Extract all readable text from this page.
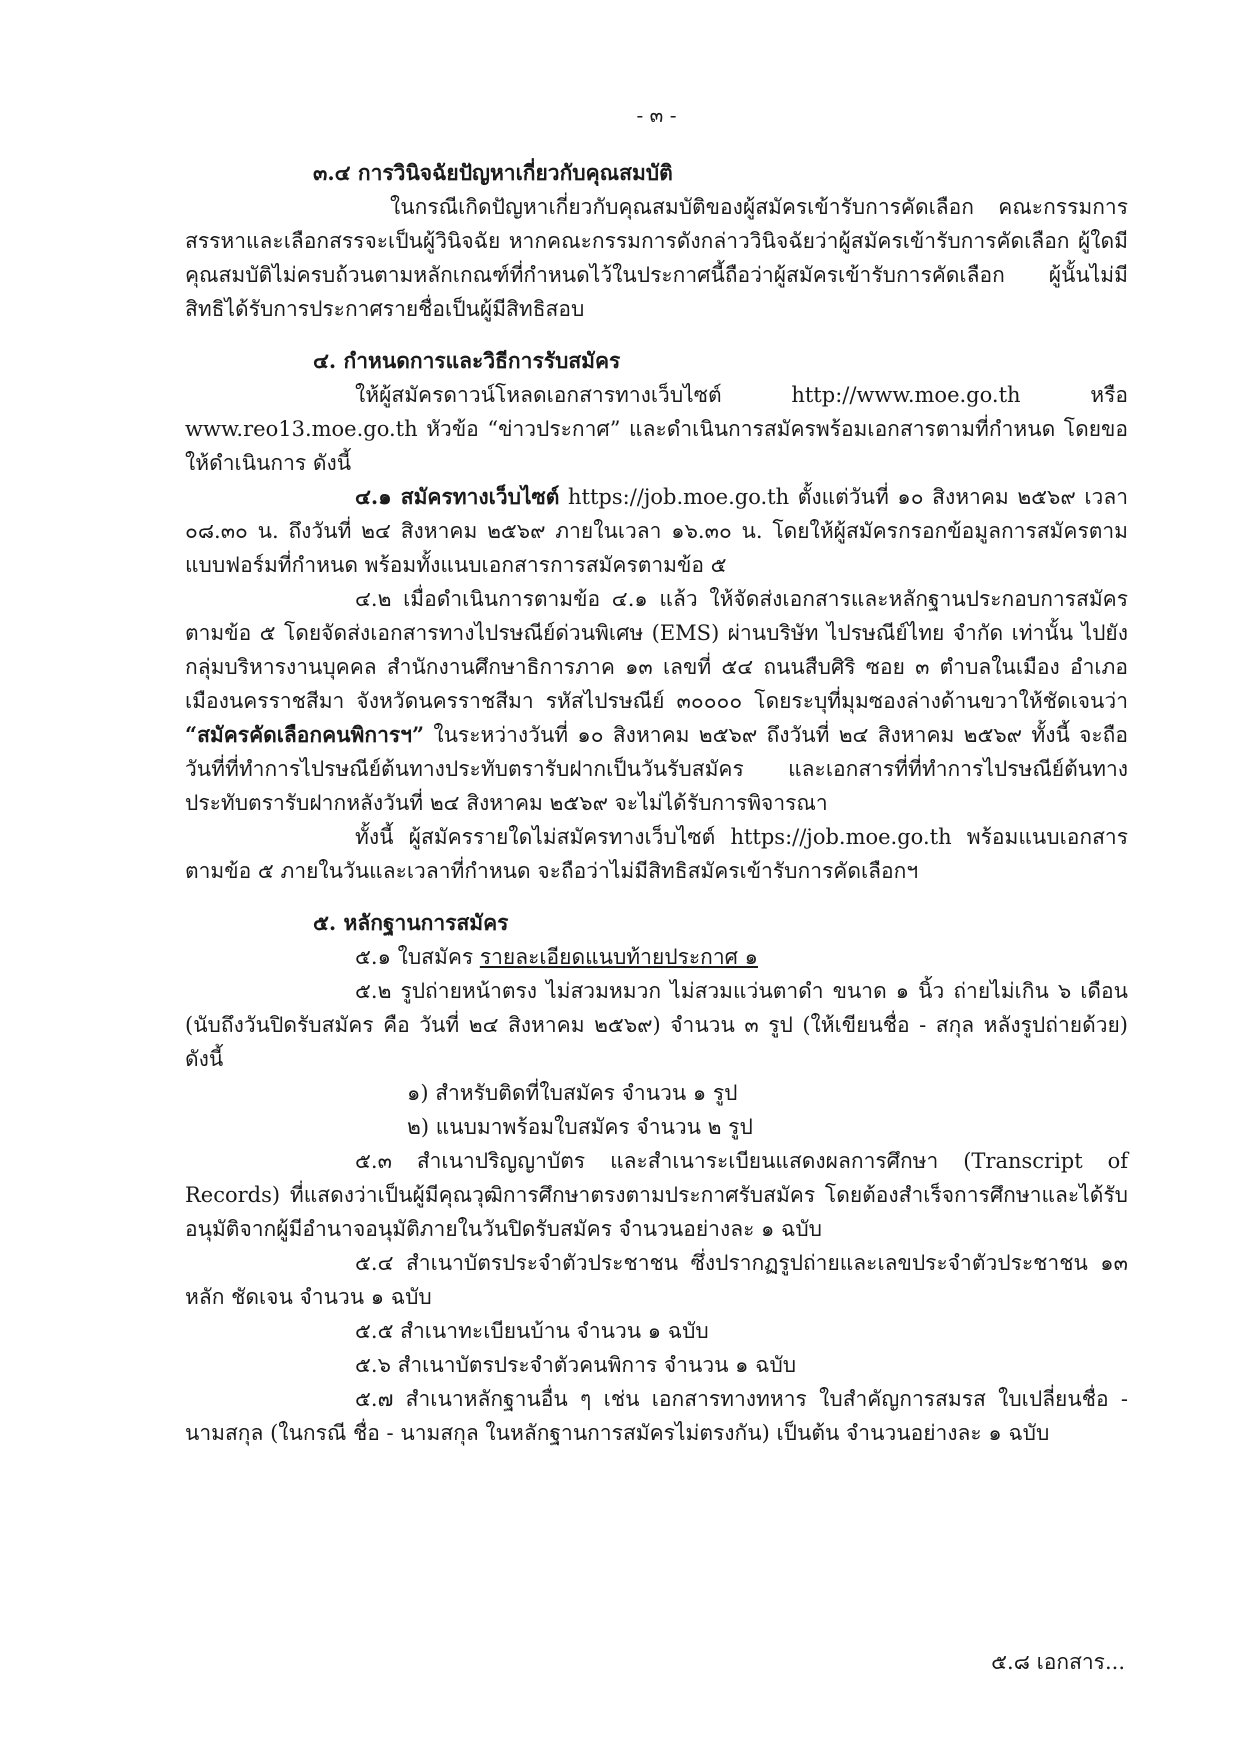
- ๓ -

๓.๔ การวินิจฉัยปัญหาเกี่ยวกับคุณสมบัติ

ในกรณีเกิดปัญหาเกี่ยวกับคุณสมบัติของผู้สมัครเข้ารับการคัดเลือก คณะกรรมการสรรหาและเลือกสรรจะเป็นผู้วินิจฉัย หากคณะกรรมการดังกล่าววินิจฉัยว่าผู้สมัครเข้ารับการคัดเลือก ผู้ใดมีคุณสมบัติไม่ครบถ้วนตามหลักเกณฑ์ที่กำหนดไว้ในประกาศนี้ถือว่าผู้สมัครเข้ารับการคัดเลือก ผู้นั้นไม่มีสิทธิได้รับการประกาศรายชื่อเป็นผู้มีสิทธิสอบ

๔. กำหนดการและวิธีการรับสมัคร

ให้ผู้สมัครดาวน์โหลดเอกสารทางเว็บไซต์ http://www.moe.go.th หรือ www.reo13.moe.go.th หัวข้อ “ข่าวประกาศ” และดำเนินการสมัครพร้อมเอกสารตามที่กำหนด โดยขอให้ดำเนินการ ดังนี้

๔.๑ สมัครทางเว็บไซต์ https://job.moe.go.th ตั้งแต่วันที่ ๑๐ สิงหาคม ๒๕๖๙ เวลา ๐๘.๓๐ น. ถึงวันที่ ๒๔ สิงหาคม ๒๕๖๙ ภายในเวลา ๑๖.๓๐ น. โดยให้ผู้สมัครกรอกข้อมูลการสมัครตามแบบฟอร์มที่กำหนด พร้อมทั้งแนบเอกสารการสมัครตามข้อ ๕

๔.๒ เมื่อดำเนินการตามข้อ ๔.๑ แล้ว ให้จัดส่งเอกสารและหลักฐานประกอบการสมัคร ตามข้อ ๕ โดยจัดส่งเอกสารทางไปรษณีย์ด่วนพิเศษ (EMS) ผ่านบริษัท ไปรษณีย์ไทย จำกัด เท่านั้น ไปยังกลุ่มบริหารงานบุคคล สำนักงานศึกษาธิการภาค ๑๓ เลขที่ ๕๔ ถนนสืบศิริ ซอย ๓ ตำบลในเมือง อำเภอเมืองนครราชสีมา จังหวัดนครราชสีมา รหัสไปรษณีย์ ๓๐๐๐๐ โดยระบุที่มุมซองล่างด้านขวาให้ชัดเจนว่า “สมัครคัดเลือกคนพิการฯ” ในระหว่างวันที่ ๑๐ สิงหาคม ๒๕๖๙ ถึงวันที่ ๒๔ สิงหาคม ๒๕๖๙ ทั้งนี้ จะถือวันที่ที่ทำการไปรษณีย์ต้นทางประทับตรารับฝากเป็นวันรับสมัคร และเอกสารที่ที่ทำการไปรษณีย์ต้นทางประทับตรารับฝากหลังวันที่ ๒๔ สิงหาคม ๒๕๖๙ จะไม่ได้รับการพิจารณา

ทั้งนี้ ผู้สมัครรายใดไม่สมัครทางเว็บไซต์ https://job.moe.go.th พร้อมแนบเอกสารตามข้อ ๕ ภายในวันและเวลาที่กำหนด จะถือว่าไม่มีสิทธิสมัครเข้ารับการคัดเลือกฯ

๕. หลักฐานการสมัคร

๕.๑ ใบสมัคร รายละเอียดแนบท้ายประกาศ ๑

๕.๒ รูปถ่ายหน้าตรง ไม่สวมหมวก ไม่สวมแว่นตาดำ ขนาด ๑ นิ้ว ถ่ายไม่เกิน ๖ เดือน (นับถึงวันปิดรับสมัคร คือ วันที่ ๒๔ สิงหาคม ๒๕๖๙) จำนวน ๓ รูป (ให้เขียนชื่อ - สกุล หลังรูปถ่ายด้วย) ดังนี้

๑) สำหรับติดที่ใบสมัคร จำนวน ๑ รูป

๒) แนบมาพร้อมใบสมัคร จำนวน ๒ รูป

๕.๓ สำเนาปริญญาบัตร และสำเนาระเบียนแสดงผลการศึกษา (Transcript of Records) ที่แสดงว่าเป็นผู้มีคุณวุฒิการศึกษาตรงตามประกาศรับสมัคร โดยต้องสำเร็จการศึกษาและได้รับอนุมัติจากผู้มีอำนาจอนุมัติภายในวันปิดรับสมัคร จำนวนอย่างละ ๑ ฉบับ

๕.๔ สำเนาบัตรประจำตัวประชาชน ซึ่งปรากฏรูปถ่ายและเลขประจำตัวประชาชน ๑๓ หลัก ชัดเจน จำนวน ๑ ฉบับ

๕.๕ สำเนาทะเบียนบ้าน จำนวน ๑ ฉบับ

๕.๖ สำเนาบัตรประจำตัวคนพิการ จำนวน ๑ ฉบับ

๕.๗ สำเนาหลักฐานอื่น ๆ เช่น เอกสารทางทหาร ใบสำคัญการสมรส ใบเปลี่ยนชื่อ - นามสกุล (ในกรณี ชื่อ - นามสกุล ในหลักฐานการสมัครไม่ตรงกัน) เป็นต้น จำนวนอย่างละ ๑ ฉบับ

๕.๘ เอกสาร...
